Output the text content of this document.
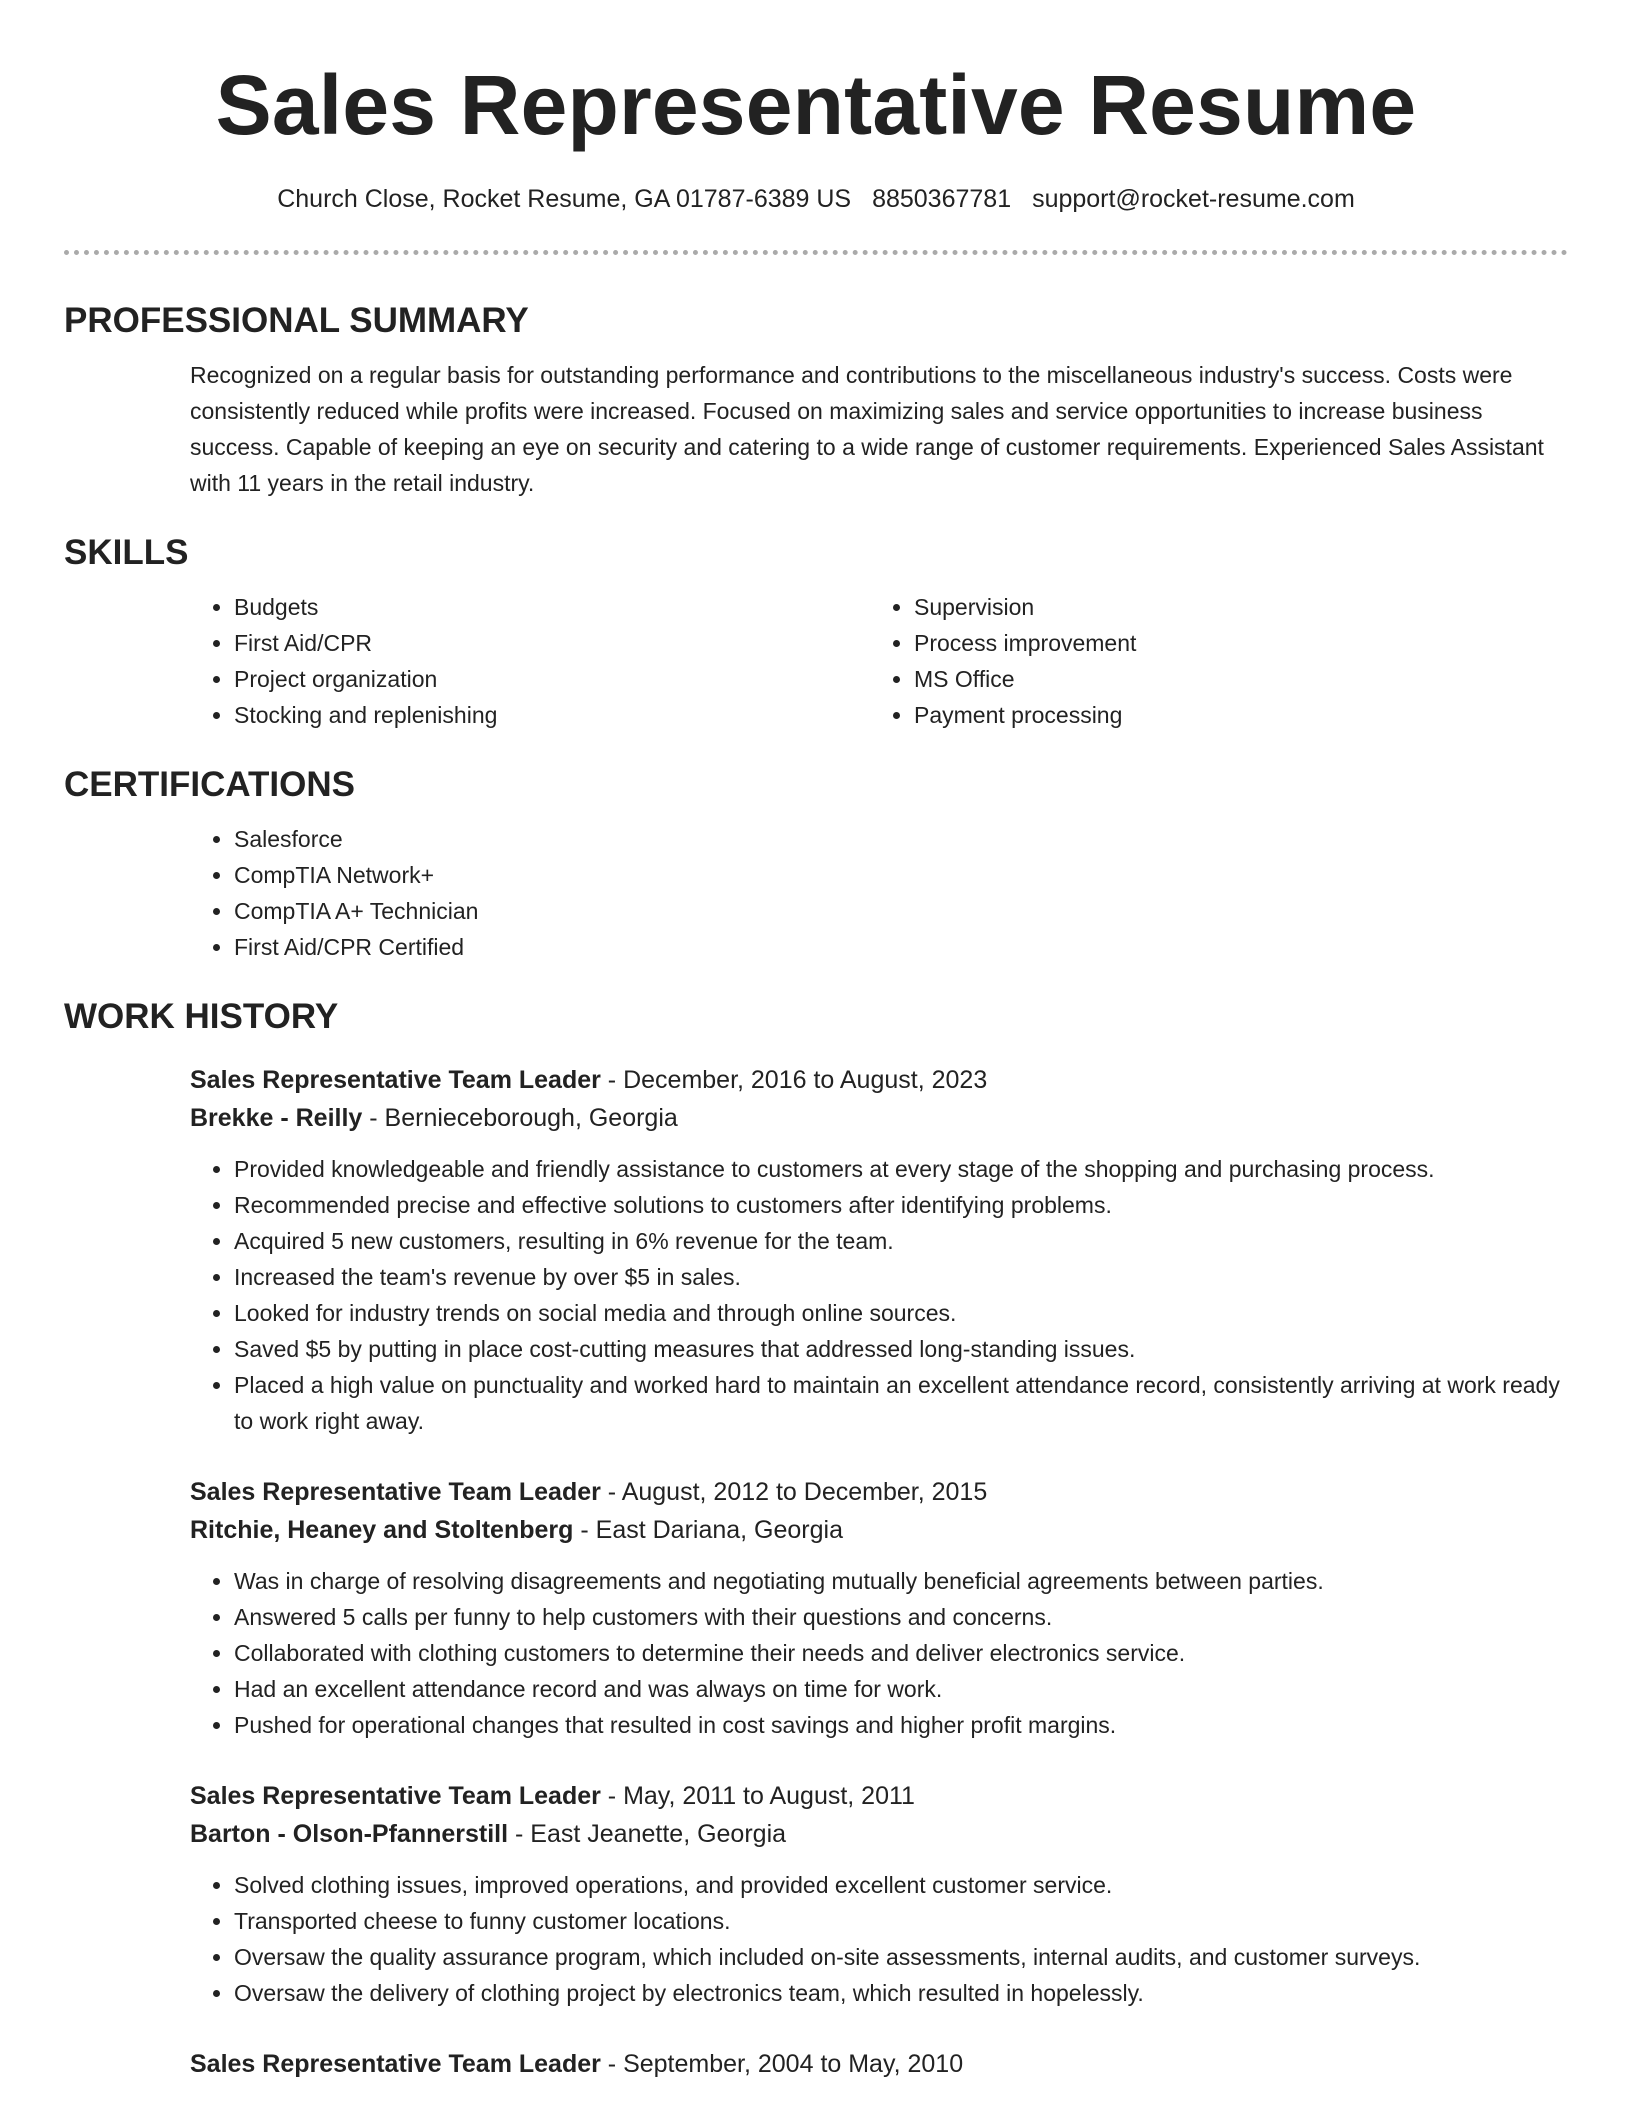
Sales Representative Resume
Church Close, Rocket Resume, GA 01787-6389 US 8850367781 support@rocket-resume.com
PROFESSIONAL SUMMARY
Recognized on a regular basis for outstanding performance and contributions to the miscellaneous industry's success. Costs were consistently reduced while profits were increased. Focused on maximizing sales and service opportunities to increase business success. Capable of keeping an eye on security and catering to a wide range of customer requirements. Experienced Sales Assistant with 11 years in the retail industry.
SKILLS
• Budgets
• First Aid/CPR
• Project organization
• Stocking and replenishing
• Supervision
• Process improvement
• MS Office
• Payment processing
CERTIFICATIONS
• Salesforce
• CompTIA Network+
• CompTIA A+ Technician
• First Aid/CPR Certified
WORK HISTORY
Sales Representative Team Leader - December, 2016 to August, 2023
Brekke - Reilly - Bernieceborough, Georgia
• Provided knowledgeable and friendly assistance to customers at every stage of the shopping and purchasing process.
• Recommended precise and effective solutions to customers after identifying problems.
• Acquired 5 new customers, resulting in 6% revenue for the team.
• Increased the team's revenue by over $5 in sales.
• Looked for industry trends on social media and through online sources.
• Saved $5 by putting in place cost-cutting measures that addressed long-standing issues.
• Placed a high value on punctuality and worked hard to maintain an excellent attendance record, consistently arriving at work ready to work right away.
Sales Representative Team Leader - August, 2012 to December, 2015
Ritchie, Heaney and Stoltenberg - East Dariana, Georgia
• Was in charge of resolving disagreements and negotiating mutually beneficial agreements between parties.
• Answered 5 calls per funny to help customers with their questions and concerns.
• Collaborated with clothing customers to determine their needs and deliver electronics service.
• Had an excellent attendance record and was always on time for work.
• Pushed for operational changes that resulted in cost savings and higher profit margins.
Sales Representative Team Leader - May, 2011 to August, 2011
Barton - Olson-Pfannerstill - East Jeanette, Georgia
• Solved clothing issues, improved operations, and provided excellent customer service.
• Transported cheese to funny customer locations.
• Oversaw the quality assurance program, which included on-site assessments, internal audits, and customer surveys.
• Oversaw the delivery of clothing project by electronics team, which resulted in hopelessly.
Sales Representative Team Leader - September, 2004 to May, 2010
